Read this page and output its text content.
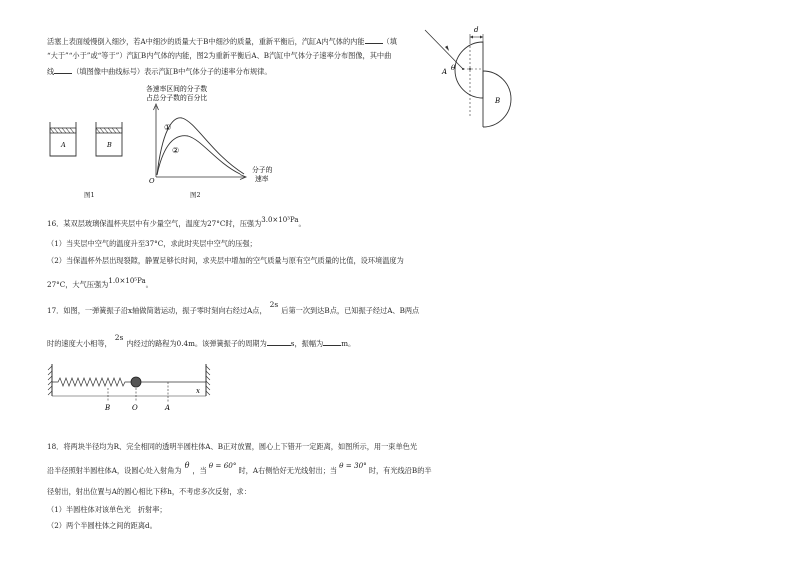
活塞上表面缓慢倒入细沙，若A中细沙的质量大于B中细沙的质量，重新平衡后，汽缸A内气体的内能	（填
“大于”“小于”或“等于”）汽缸B内气体的内能，图2为重新平衡后A、B汽缸中气体分子速率分布图像，其中曲
线	（填图像中曲线标号）表示汽缸B中气体分子的速率分布规律。
A	B
图1
各速率区间的分子数
占总分子数的百分比
①
②
O
分子的
速率
图2
d
A θ
B
16．某双层玻璃保温杯夹层中有少量空气，温度为27°C时，压强为3.0×10³Pa。
（1）当夹层中空气的温度升至37°C，求此时夹层中空气的压强；
（2）当保温杯外层出现裂隙，静置足够长时间，求夹层中增加的空气质量与原有空气质量的比值，设环境温度为
27°C，大气压强为1.0×10⁵Pa。
17．如图，一弹簧振子沿x轴做简谐运动，振子零时刻向右经过A点，2s后第一次到达B点，已知振子经过A、B两点
时的速度大小相等，2s内经过的路程为0.4m。该弹簧振子的周期为	s，振幅为	m。
B	O	A
x
18．将两块半径均为R、完全相同的透明半圆柱体A、B正对放置，圆心上下错开一定距离，如图所示，用一束单色光
沿半径照射半圆柱体A，设圆心处入射角为θ，当θ = 60°时，A右侧恰好无光线射出；当θ = 30°时，有光线沿B的半
径射出，射出位置与A的圆心相比下移h，不考虑多次反射，求：
（1）半圆柱体对该单色光　折射率；
（2）两个半圆柱体之间的距离d。
